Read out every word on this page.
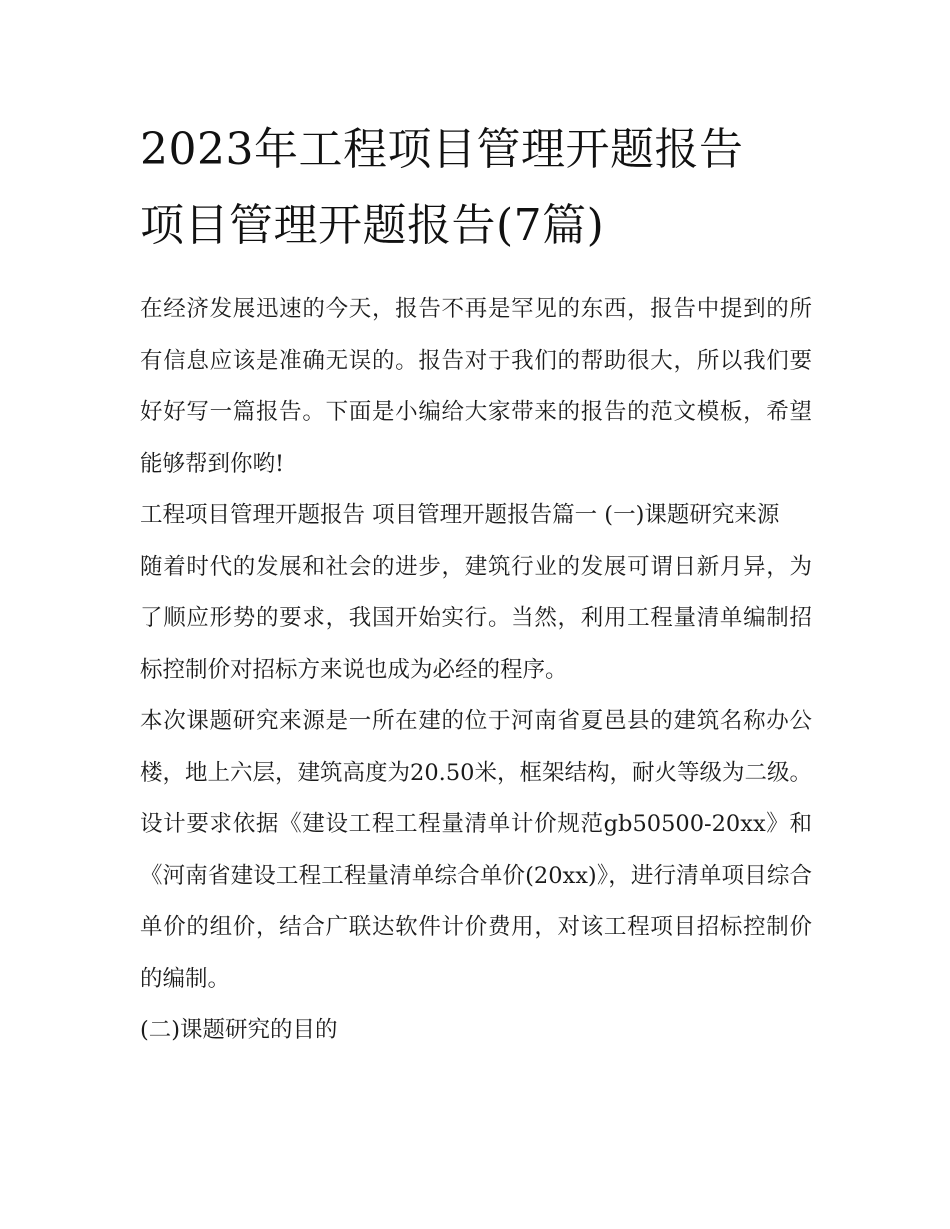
2023年工程项目管理开题报告
项目管理开题报告(7篇)

在经济发展迅速的今天，报告不再是罕见的东西，报告中提到的所有信息应该是准确无误的。报告对于我们的帮助很大，所以我们要好好写一篇报告。下面是小编给大家带来的报告的范文模板，希望能够帮到你哟!

工程项目管理开题报告 项目管理开题报告篇一 (一)课题研究来源

随着时代的发展和社会的进步，建筑行业的发展可谓日新月异，为了顺应形势的要求，我国开始实行。当然，利用工程量清单编制招标控制价对招标方来说也成为必经的程序。

本次课题研究来源是一所在建的位于河南省夏邑县的建筑名称办公楼，地上六层，建筑高度为20.50米，框架结构，耐火等级为二级。设计要求依据《建设工程工程量清单计价规范gb50500-20xx》和《河南省建设工程工程量清单综合单价(20xx)》，进行清单项目综合单价的组价，结合广联达软件计价费用，对该工程项目招标控制价的编制。

(二)课题研究的目的
